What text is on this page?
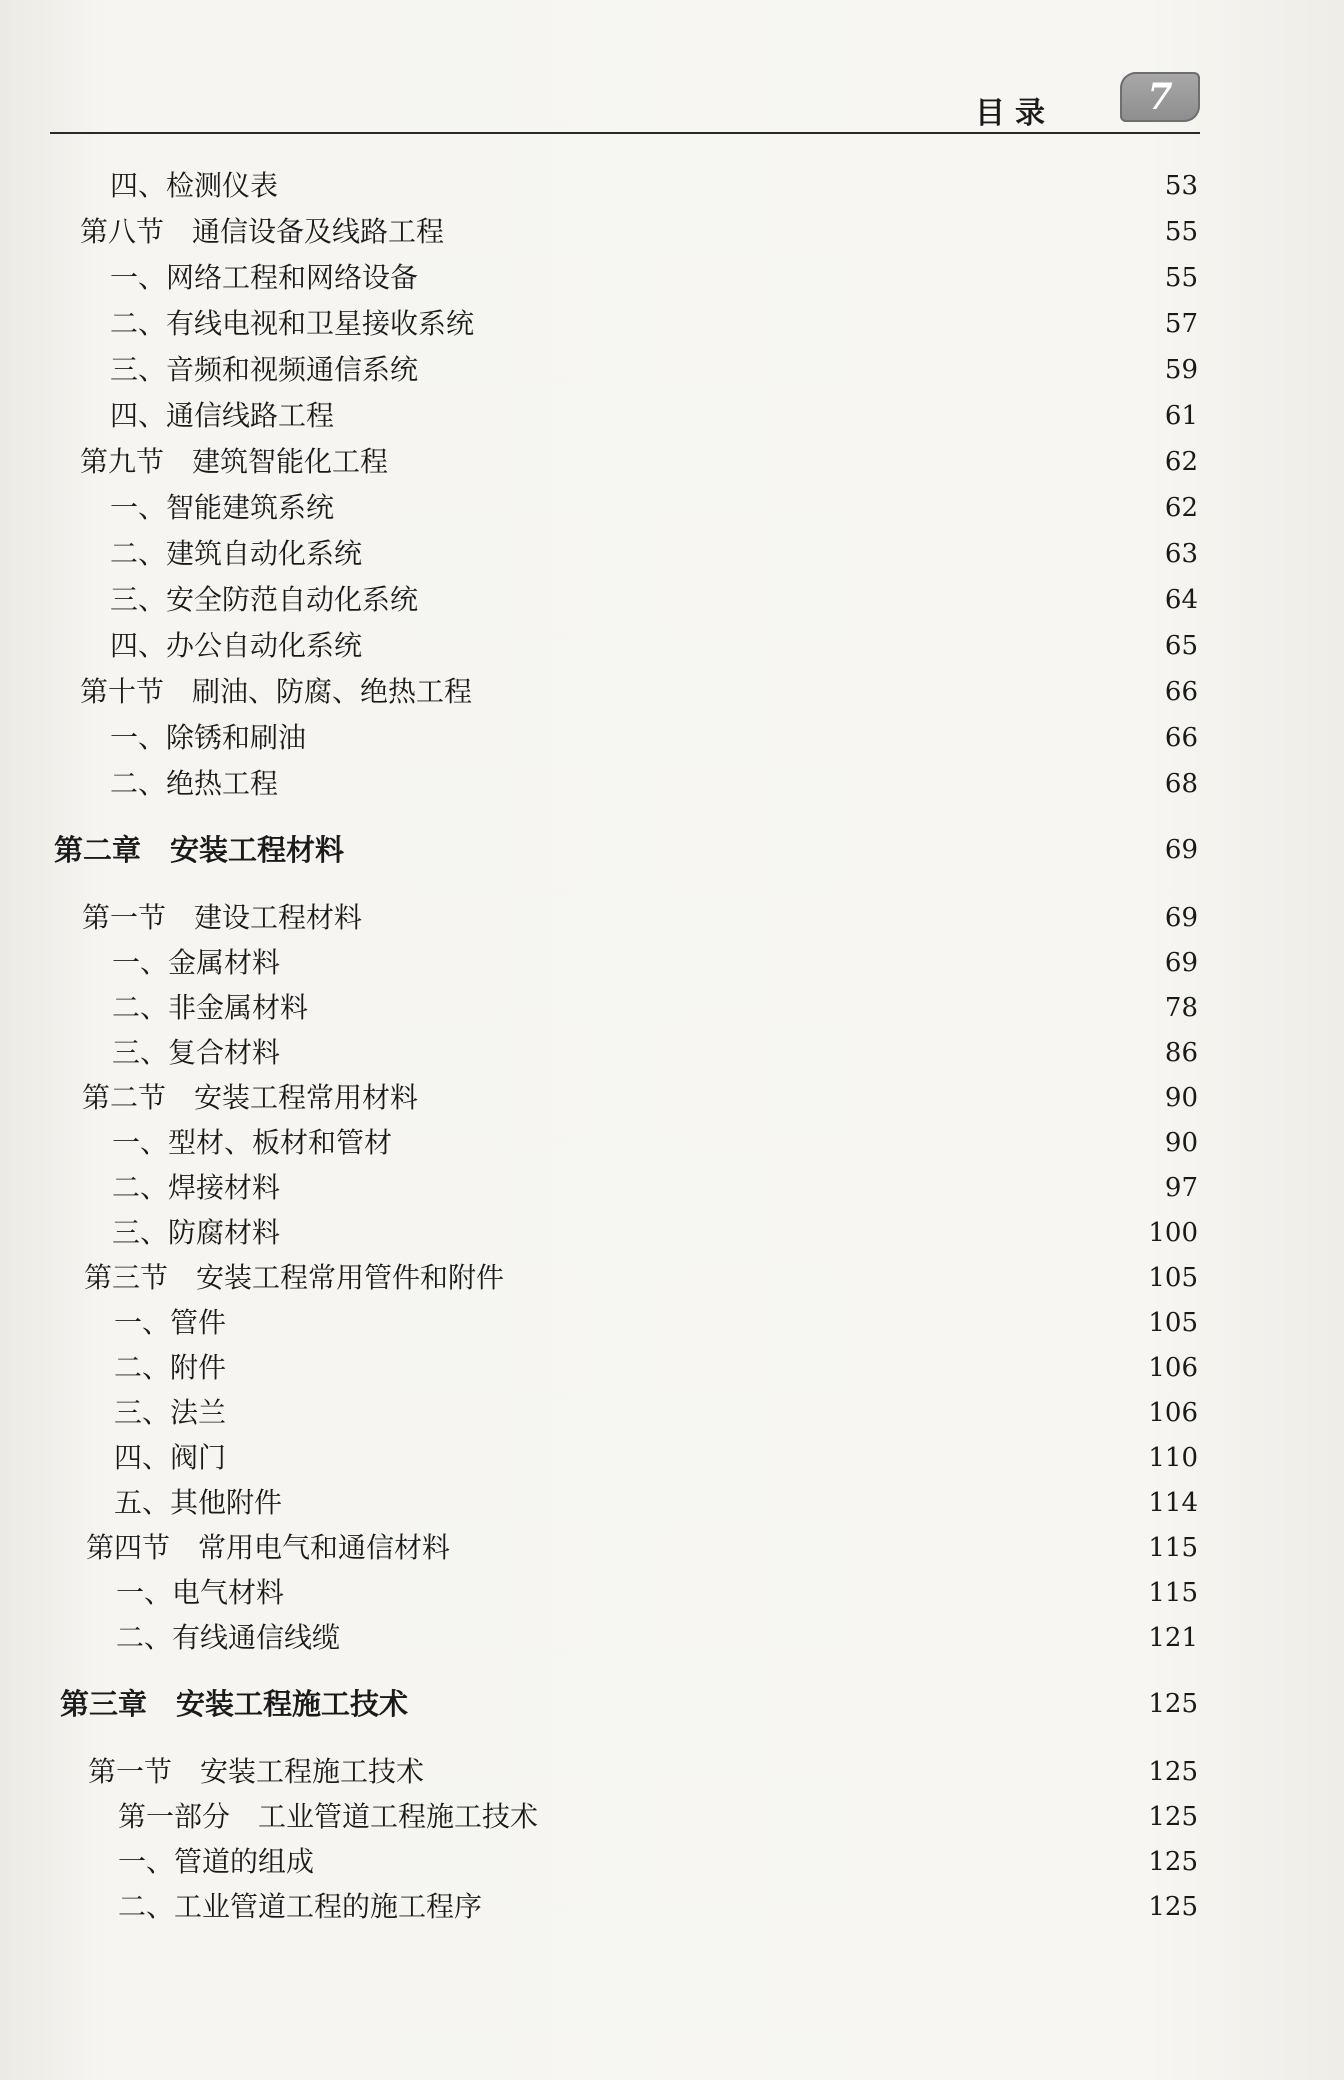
目录	7
四、检测仪表	53
第八节　通信设备及线路工程	55
一、网络工程和网络设备	55
二、有线电视和卫星接收系统	57
三、音频和视频通信系统	59
四、通信线路工程	61
第九节　建筑智能化工程	62
一、智能建筑系统	62
二、建筑自动化系统	63
三、安全防范自动化系统	64
四、办公自动化系统	65
第十节　刷油、防腐、绝热工程	66
一、除锈和刷油	66
二、绝热工程	68
第二章　安装工程材料	69
第一节　建设工程材料	69
一、金属材料	69
二、非金属材料	78
三、复合材料	86
第二节　安装工程常用材料	90
一、型材、板材和管材	90
二、焊接材料	97
三、防腐材料	100
第三节　安装工程常用管件和附件	105
一、管件	105
二、附件	106
三、法兰	106
四、阀门	110
五、其他附件	114
第四节　常用电气和通信材料	115
一、电气材料	115
二、有线通信线缆	121
第三章　安装工程施工技术	125
第一节　安装工程施工技术	125
第一部分　工业管道工程施工技术	125
一、管道的组成	125
二、工业管道工程的施工程序	125
